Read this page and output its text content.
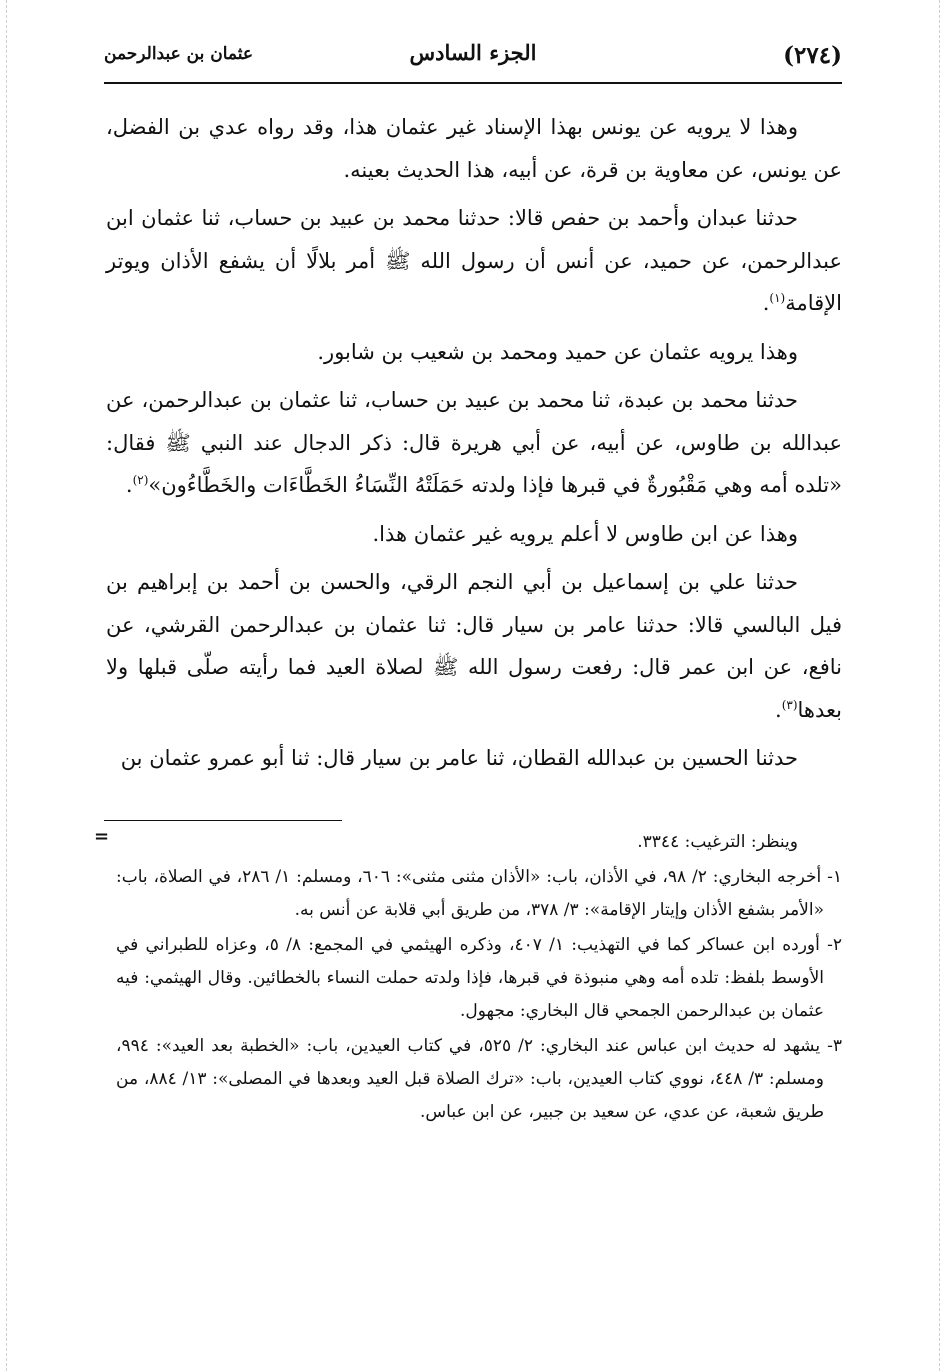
(٢٧٤)
الجزء السادس
عثمان بن عبدالرحمن

وهذا لا يرويه عن يونس بهذا الإسناد غير عثمان هذا، وقد رواه عدي بن الفضل، عن يونس، عن معاوية بن قرة، عن أبيه، هذا الحديث بعينه.

حدثنا عبدان وأحمد بن حفص قالا: حدثنا محمد بن عبيد بن حساب، ثنا عثمان ابن عبدالرحمن، عن حميد، عن أنس أن رسول الله ﷺ أمر بلالًا أن يشفع الأذان ويوتر الإقامة$^{(١)}$.

وهذا يرويه عثمان عن حميد ومحمد بن شعيب بن شابور.

حدثنا محمد بن عبدة، ثنا محمد بن عبيد بن حساب، ثنا عثمان بن عبدالرحمن، عن عبدالله بن طاوس، عن أبيه، عن أبي هريرة قال: ذكر الدجال عند النبي ﷺ فقال: «تلده أمه وهي مَقْبُورةٌ في قبرها فإذا ولدته حَمَلَتْهُ النِّسَاءُ الخَطَّاءَات والخَطَّاءُون»$^{(٢)}$.

وهذا عن ابن طاوس لا أعلم يرويه غير عثمان هذا.

حدثنا علي بن إسماعيل بن أبي النجم الرقي، والحسن بن أحمد بن إبراهيم بن فيل البالسي قالا: حدثنا عامر بن سيار قال: ثنا عثمان بن عبدالرحمن القرشي، عن نافع، عن ابن عمر قال: رفعت رسول الله ﷺ لصلاة العيد فما رأيته صلّى قبلها ولا بعدها$^{(٣)}$.

حدثنا الحسين بن عبدالله القطان، ثنا عامر بن سيار قال: ثنا أبو عمرو عثمان بن

=	وينظر: الترغيب: ٣٣٤٤.

١- أخرجه البخاري: ٢/ ٩٨، في الأذان، باب: «الأذان مثنى مثنى»: ٦٠٦، ومسلم: ١/ ٢٨٦، في الصلاة، باب: «الأمر بشفع الأذان وإيتار الإقامة»: ٣/ ٣٧٨، من طريق أبي قلابة عن أنس به.

٢- أورده ابن عساكر كما في التهذيب: ١/ ٤٠٧، وذكره الهيثمي في المجمع: ٨/ ٥، وعزاه للطبراني في الأوسط بلفظ: تلده أمه وهي منبوذة في قبرها، فإذا ولدته حملت النساء بالخطائين. وقال الهيثمي: فيه عثمان بن عبدالرحمن الجمحي قال البخاري: مجهول.

٣- يشهد له حديث ابن عباس عند البخاري: ٢/ ٥٢٥، في كتاب العيدين، باب: «الخطبة بعد العيد»: ٩٩٤، ومسلم: ٣/ ٤٤٨، نووي كتاب العيدين، باب: «ترك الصلاة قبل العيد وبعدها في المصلى»: ١٣/ ٨٨٤، من طريق شعبة، عن عدي، عن سعيد بن جبير، عن ابن عباس.
